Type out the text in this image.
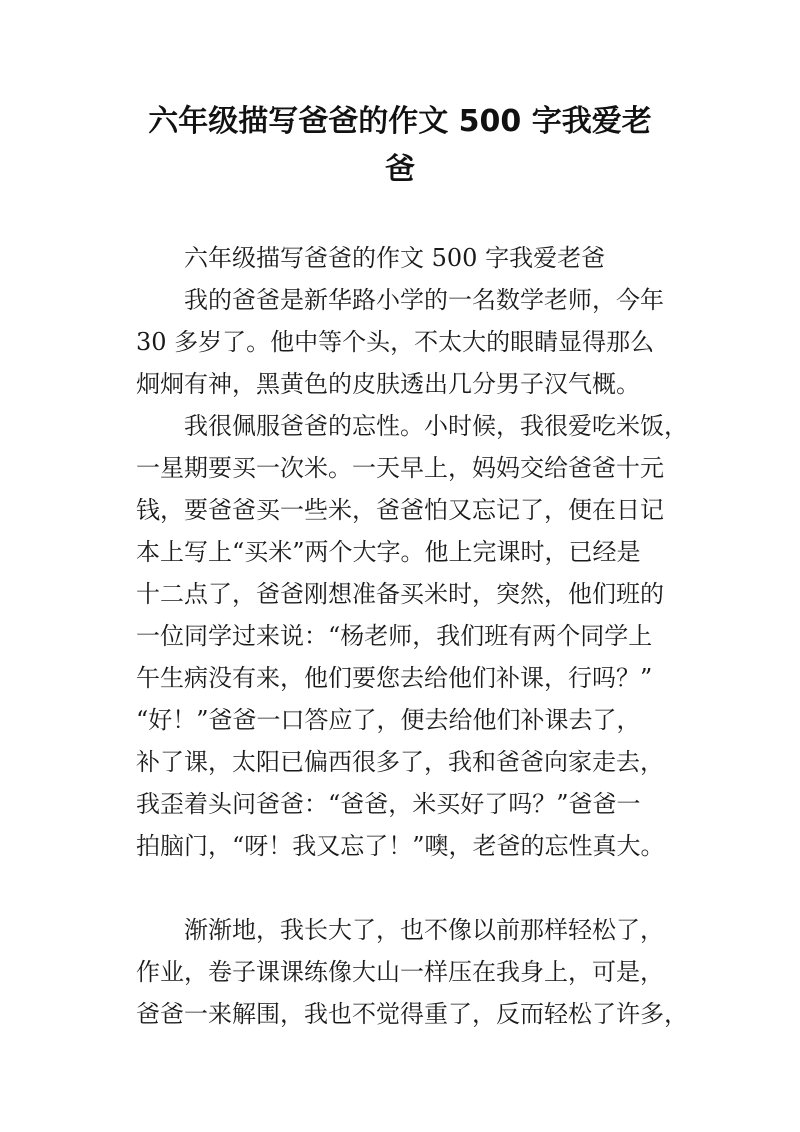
六年级描写爸爸的作文 500 字我爱老
爸
六年级描写爸爸的作文 500 字我爱老爸
我的爸爸是新华路小学的一名数学老师，今年
30 多岁了。他中等个头，不太大的眼睛显得那么
炯炯有神，黑黄色的皮肤透出几分男子汉气概。
我很佩服爸爸的忘性。小时候，我很爱吃米饭，
一星期要买一次米。一天早上，妈妈交给爸爸十元
钱，要爸爸买一些米，爸爸怕又忘记了，便在日记
本上写上“买米”两个大字。他上完课时，已经是
十二点了，爸爸刚想准备买米时，突然，他们班的
一位同学过来说：“杨老师，我们班有两个同学上
午生病没有来，他们要您去给他们补课，行吗？”
“好！”爸爸一口答应了，便去给他们补课去了，
补了课，太阳已偏西很多了，我和爸爸向家走去，
我歪着头问爸爸：“爸爸，米买好了吗？”爸爸一
拍脑门，“呀！我又忘了！”噢，老爸的忘性真大。
渐渐地，我长大了，也不像以前那样轻松了，
作业，卷子课课练像大山一样压在我身上，可是，
爸爸一来解围，我也不觉得重了，反而轻松了许多，
